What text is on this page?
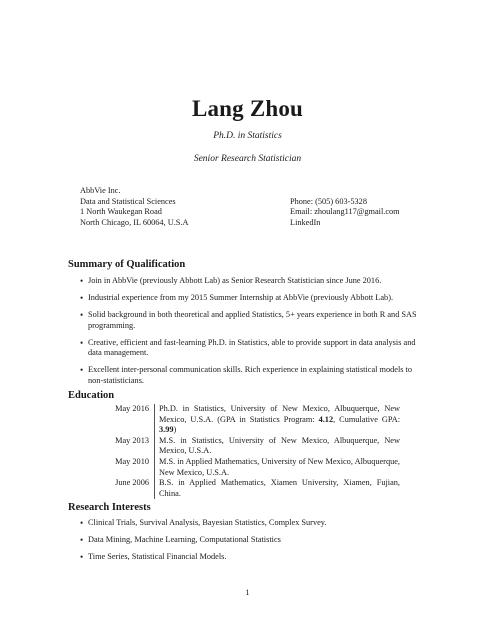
Lang Zhou
Ph.D. in Statistics
Senior Research Statistician
AbbVie Inc.
Data and Statistical Sciences
1 North Waukegan Road
North Chicago, IL 60064, U.S.A

Phone: (505) 603-5328
Email: zhoulang117@gmail.com
LinkedIn
Summary of Qualification
• Join in AbbVie (previously Abbott Lab) as Senior Research Statistician since June 2016.
• Industrial experience from my 2015 Summer Internship at AbbVie (previously Abbott Lab).
• Solid background in both theoretical and applied Statistics, 5+ years experience in both R and SAS programming.
• Creative, efficient and fast-learning Ph.D. in Statistics, able to provide support in data analysis and data management.
• Excellent inter-personal communication skills. Rich experience in explaining statistical models to non-statisticians.
Education
May 2016	Ph.D. in Statistics, University of New Mexico, Albuquerque, New Mexico, U.S.A. (GPA in Statistics Program: 4.12, Cumulative GPA: 3.99)
May 2013	M.S. in Statistics, University of New Mexico, Albuquerque, New Mexico, U.S.A.
May 2010	M.S. in Applied Mathematics, University of New Mexico, Albuquerque, New Mexico, U.S.A.
June 2006	B.S. in Applied Mathematics, Xiamen University, Xiamen, Fujian, China.
Research Interests
• Clinical Trials, Survival Analysis, Bayesian Statistics, Complex Survey.
• Data Mining, Machine Learning, Computational Statistics
• Time Series, Statistical Financial Models.
1
